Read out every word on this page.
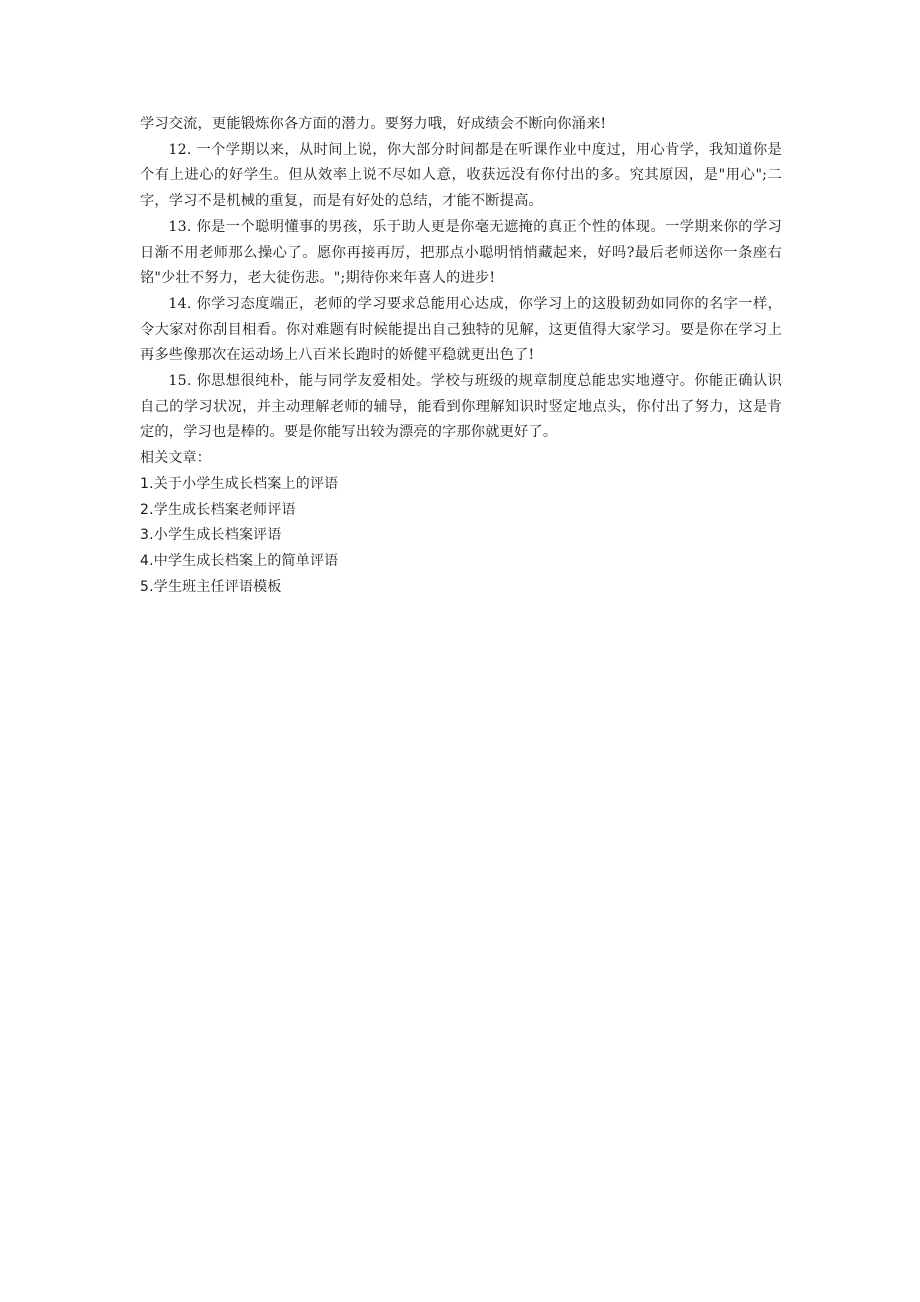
学习交流，更能锻炼你各方面的潜力。要努力哦，好成绩会不断向你涌来!

12. 一个学期以来，从时间上说，你大部分时间都是在听课作业中度过，用心肯学，我知道你是个有上进心的好学生。但从效率上说不尽如人意，收获远没有你付出的多。究其原因，是"用心";二字，学习不是机械的重复，而是有好处的总结，才能不断提高。

13. 你是一个聪明懂事的男孩，乐于助人更是你毫无遮掩的真正个性的体现。一学期来你的学习日渐不用老师那么操心了。愿你再接再厉，把那点小聪明悄悄藏起来，好吗?最后老师送你一条座右铭"少壮不努力，老大徒伤悲。";期待你来年喜人的进步!

14. 你学习态度端正，老师的学习要求总能用心达成，你学习上的这股韧劲如同你的名字一样，令大家对你刮目相看。你对难题有时候能提出自己独特的见解，这更值得大家学习。要是你在学习上再多些像那次在运动场上八百米长跑时的娇健平稳就更出色了!

15. 你思想很纯朴，能与同学友爱相处。学校与班级的规章制度总能忠实地遵守。你能正确认识自己的学习状况，并主动理解老师的辅导，能看到你理解知识时竖定地点头，你付出了努力，这是肯定的，学习也是棒的。要是你能写出较为漂亮的字那你就更好了。

相关文章：

1.关于小学生成长档案上的评语
2.学生成长档案老师评语
3.小学生成长档案评语
4.中学生成长档案上的简单评语
5.学生班主任评语模板
